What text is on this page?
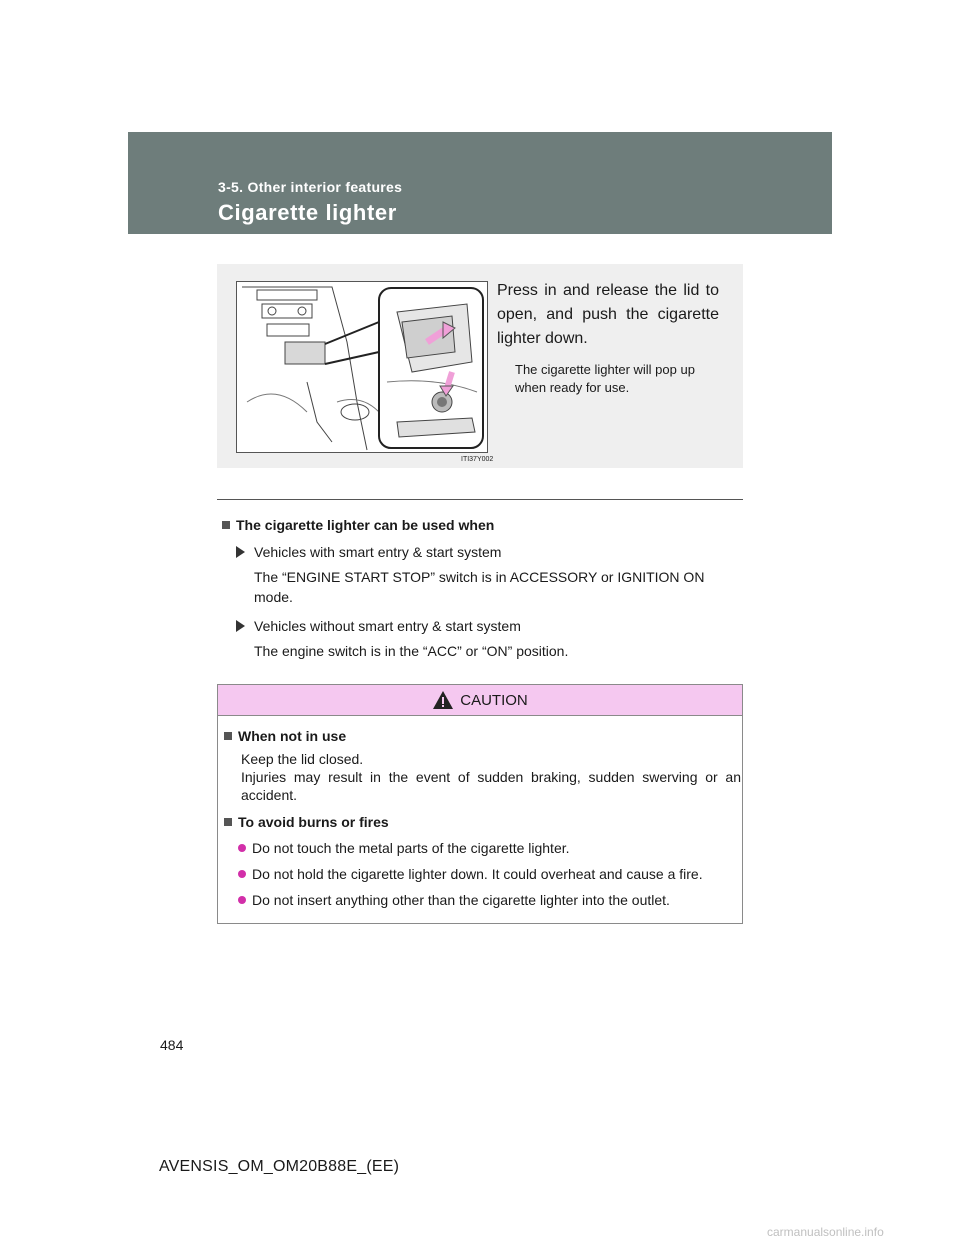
3-5. Other interior features
Cigarette lighter
ITI37Y002

Press in and release the lid to open, and push the cigarette lighter down.

The cigarette lighter will pop up when ready for use.

The cigarette lighter can be used when
Vehicles with smart entry & start system
The “ENGINE START STOP” switch is in ACCESSORY or IGNITION ON mode.
Vehicles without smart entry & start system
The engine switch is in the “ACC” or “ON” position.
CAUTION
When not in use
Keep the lid closed.
Injuries may result in the event of sudden braking, sudden swerving or an accident.
To avoid burns or fires
Do not touch the metal parts of the cigarette lighter.
Do not hold the cigarette lighter down. It could overheat and cause a fire.
Do not insert anything other than the cigarette lighter into the outlet.
484
AVENSIS_OM_OM20B88E_(EE)
carmanualsonline.info
